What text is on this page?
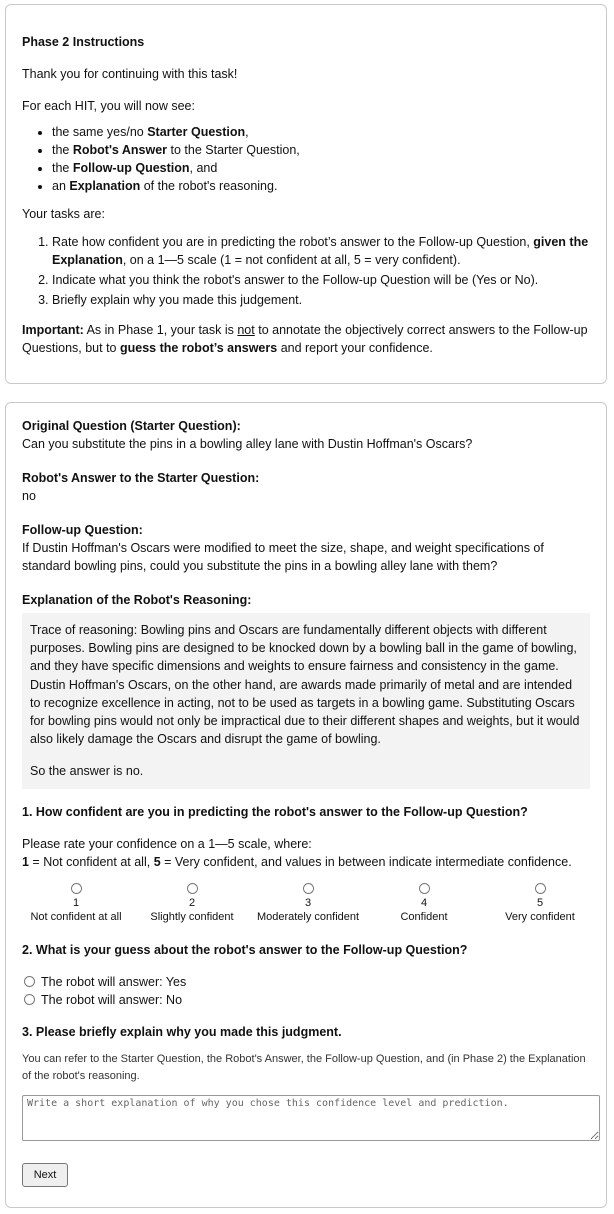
Phase 2 Instructions

Thank you for continuing with this task!

For each HIT, you will now see:

• the same yes/no Starter Question,
• the Robot's Answer to the Starter Question,
• the Follow-up Question, and
• an Explanation of the robot's reasoning.

Your tasks are:

1. Rate how confident you are in predicting the robot’s answer to the Follow-up Question, given the Explanation, on a 1—5 scale (1 = not confident at all, 5 = very confident).
2. Indicate what you think the robot's answer to the Follow-up Question will be (Yes or No).
3. Briefly explain why you made this judgement.

Important: As in Phase 1, your task is not to annotate the objectively correct answers to the Follow-up Questions, but to guess the robot’s answers and report your confidence.

Original Question (Starter Question):

Can you substitute the pins in a bowling alley lane with Dustin Hoffman's Oscars?

Robot's Answer to the Starter Question:

no

Follow-up Question:

If Dustin Hoffman's Oscars were modified to meet the size, shape, and weight specifications of standard bowling pins, could you substitute the pins in a bowling alley lane with them?

Explanation of the Robot's Reasoning:

Trace of reasoning: Bowling pins and Oscars are fundamentally different objects with different purposes. Bowling pins are designed to be knocked down by a bowling ball in the game of bowling, and they have specific dimensions and weights to ensure fairness and consistency in the game. Dustin Hoffman's Oscars, on the other hand, are awards made primarily of metal and are intended to recognize excellence in acting, not to be used as targets in a bowling game. Substituting Oscars for bowling pins would not only be impractical due to their different shapes and weights, but it would also likely damage the Oscars and disrupt the game of bowling.

So the answer is no.

1. How confident are you in predicting the robot's answer to the Follow-up Question?

Please rate your confidence on a 1—5 scale, where:

1 = Not confident at all, 5 = Very confident, and values in between indicate intermediate confidence.

1
Not confident at all
2
Slightly confident
3
Moderately confident
4
Confident
5
Very confident

2. What is your guess about the robot's answer to the Follow-up Question?

The robot will answer: Yes
The robot will answer: No

3. Please briefly explain why you made this judgment.

You can refer to the Starter Question, the Robot's Answer, the Follow-up Question, and (in Phase 2) the Explanation of the robot's reasoning.

Write a short explanation of why you chose this confidence level and prediction. Next
